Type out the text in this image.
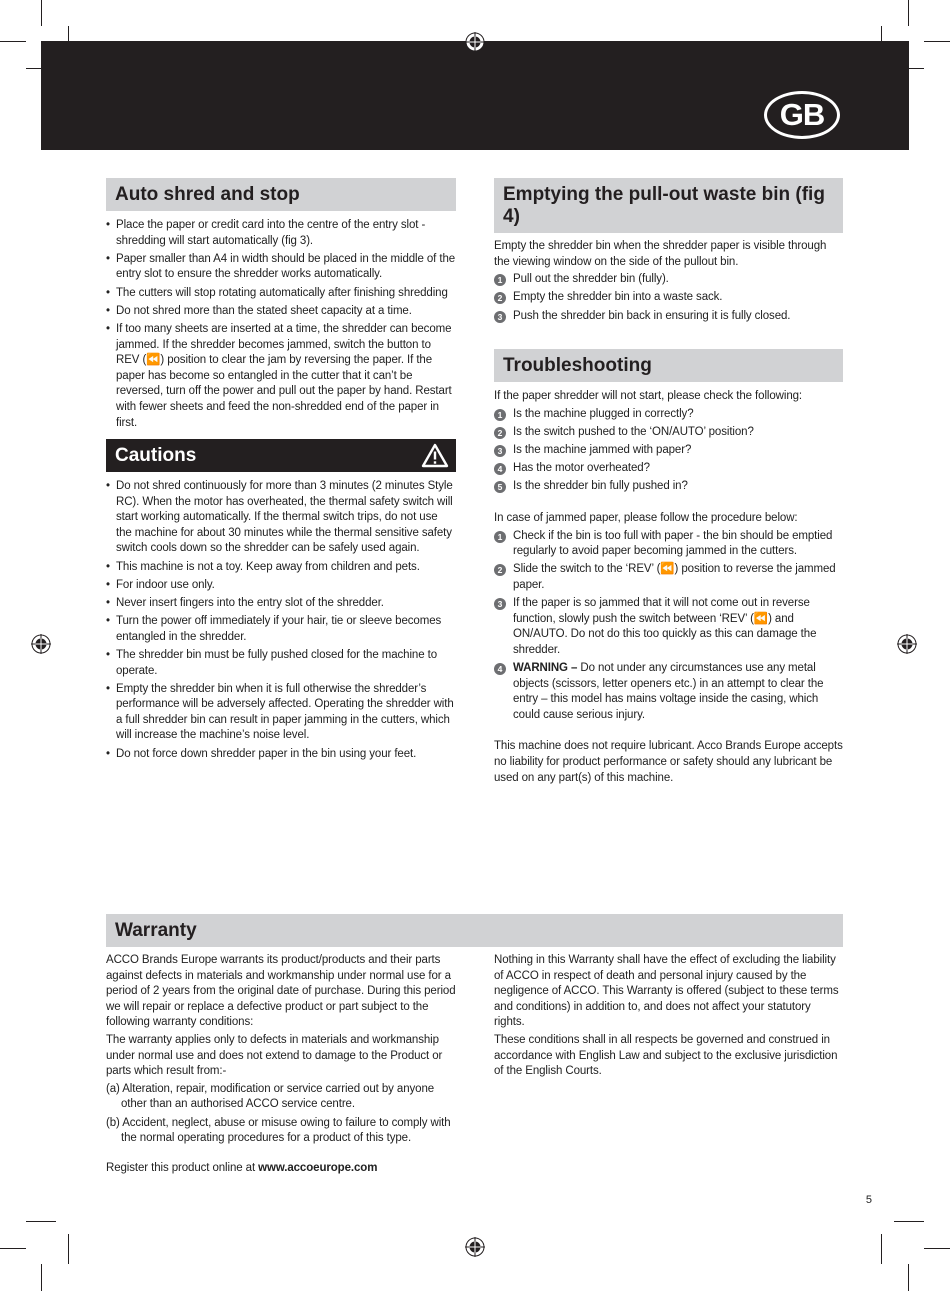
GB
Auto shred and stop
• Place the paper or credit card into the centre of the entry slot - shredding will start automatically (fig 3).
• Paper smaller than A4 in width should be placed in the middle of the entry slot to ensure the shredder works automatically.
• The cutters will stop rotating automatically after finishing shredding
• Do not shred more than the stated sheet capacity at a time.
• If too many sheets are inserted at a time, the shredder can become jammed. If the shredder becomes jammed, switch the button to REV (⏪) position to clear the jam by reversing the paper. If the paper has become so entangled in the cutter that it can’t be reversed, turn off the power and pull out the paper by hand. Restart with fewer sheets and feed the non-shredded end of the paper in first.
Cautions
• Do not shred continuously for more than 3 minutes (2 minutes Style RC). When the motor has overheated, the thermal safety switch will start working automatically. If the thermal switch trips, do not use the machine for about 30 minutes while the thermal sensitive safety switch cools down so the shredder can be safely used again.
• This machine is not a toy. Keep away from children and pets.
• For indoor use only.
• Never insert fingers into the entry slot of the shredder.
• Turn the power off immediately if your hair, tie or sleeve becomes entangled in the shredder.
• The shredder bin must be fully pushed closed for the machine to operate.
• Empty the shredder bin when it is full otherwise the shredder’s performance will be adversely affected. Operating the shredder with a full shredder bin can result in paper jamming in the cutters, which will increase the machine’s noise level.
• Do not force down shredder paper in the bin using your feet.
Emptying the pull-out waste bin (fig 4)

Empty the shredder bin when the shredder paper is visible through the viewing window on the side of the pullout bin.

1 Pull out the shredder bin (fully).
2 Empty the shredder bin into a waste sack.
3 Push the shredder bin back in ensuring it is fully closed.
Troubleshooting

If the paper shredder will not start, please check the following:

1 Is the machine plugged in correctly?
2 Is the switch pushed to the ‘ON/AUTO’ position?
3 Is the machine jammed with paper?
4 Has the motor overheated?
5 Is the shredder bin fully pushed in?

In case of jammed paper, please follow the procedure below:

1 Check if the bin is too full with paper - the bin should be emptied regularly to avoid paper becoming jammed in the cutters.
2 Slide the switch to the ‘REV’ (⏪) position to reverse the jammed paper.
3 If the paper is so jammed that it will not come out in reverse function, slowly push the switch between ‘REV’ (⏪) and ON/AUTO. Do not do this too quickly as this can damage the shredder.
4 WARNING – Do not under any circumstances use any metal objects (scissors, letter openers etc.) in an attempt to clear the entry – this model has mains voltage inside the casing, which could cause serious injury.

This machine does not require lubricant. Acco Brands Europe accepts no liability for product performance or safety should any lubricant be used on any part(s) of this machine.

Warranty

ACCO Brands Europe warrants its product/products and their parts against defects in materials and workmanship under normal use for a period of 2 years from the original date of purchase. During this period we will repair or replace a defective product or part subject to the following warranty conditions:

The warranty applies only to defects in materials and workmanship under normal use and does not extend to damage to the Product or parts which result from:-

(a) Alteration, repair, modification or service carried out by anyone other than an authorised ACCO service centre.
(b) Accident, neglect, abuse or misuse owing to failure to comply with the normal operating procedures for a product of this type.

Register this product online at www.accoeurope.com

Nothing in this Warranty shall have the effect of excluding the liability of ACCO in respect of death and personal injury caused by the negligence of ACCO. This Warranty is offered (subject to these terms and conditions) in addition to, and does not affect your statutory rights.

These conditions shall in all respects be governed and construed in accordance with English Law and subject to the exclusive jurisdiction of the English Courts.

5
